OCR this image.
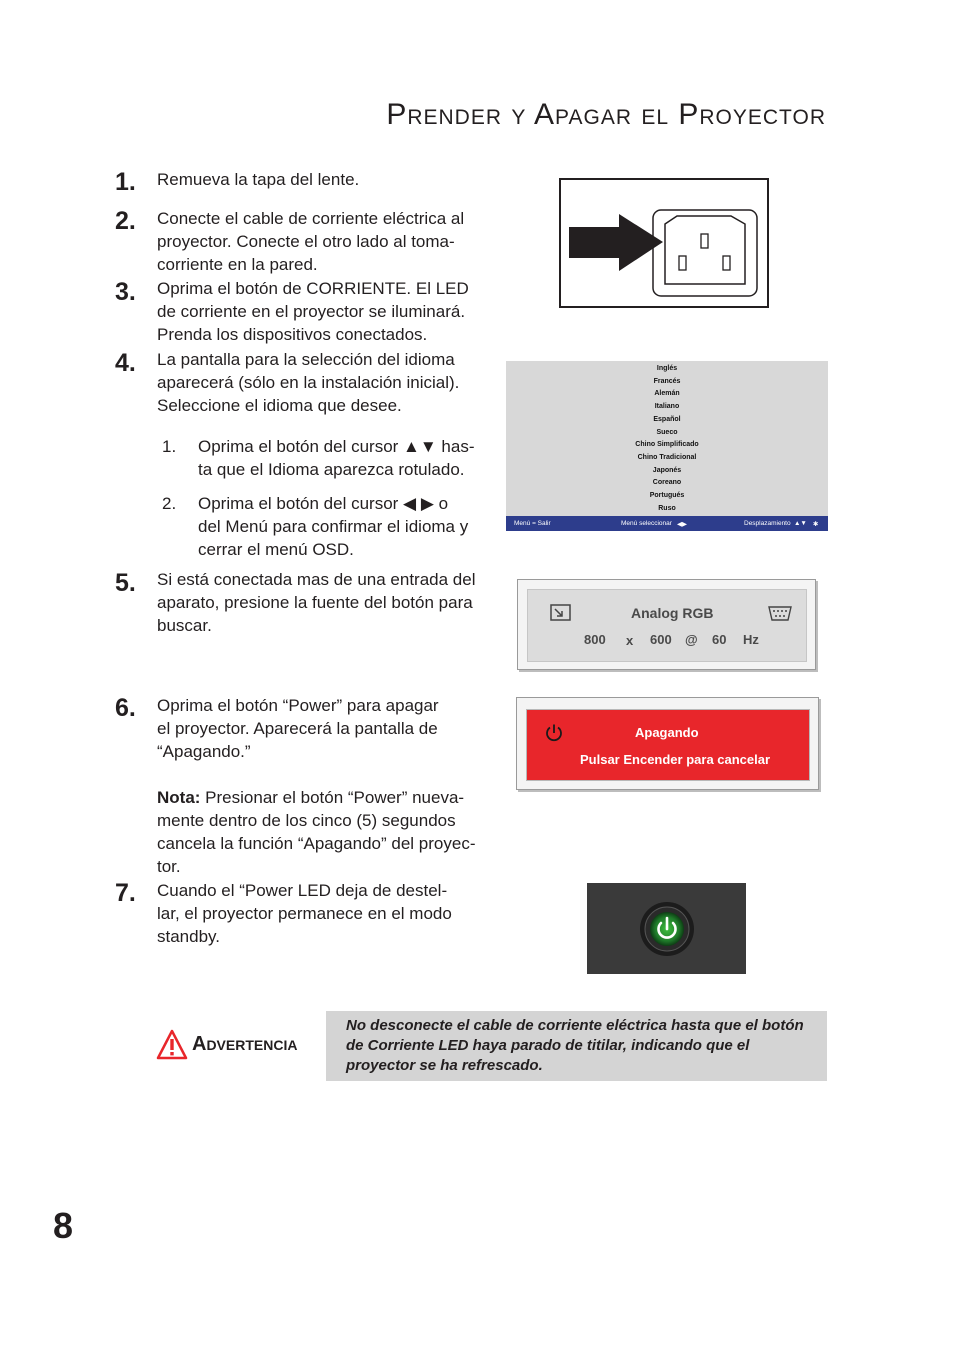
Prender y Apagar el Proyector
1. Remueva la tapa del lente.
2. Conecte el cable de corriente eléctrica al
proyector. Conecte el otro lado al toma-
corriente en la pared.
3. Oprima el botón de CORRIENTE. El LED
de corriente en el proyector se iluminará.
Prenda los dispositivos conectados.
4. La pantalla para la selección del idioma
aparecerá (sólo en la instalación inicial).
Seleccione el idioma que desee.
1. Oprima el botón del cursor ▲▼ has-
ta que el Idioma aparezca rotulado.
2. Oprima el botón del cursor ◀ ▶ o
del Menú para confirmar el idioma y
cerrar el menú OSD.
5. Si está conectada mas de una entrada del
aparato, presione la fuente del botón para
buscar.
6. Oprima el botón “Power” para apagar
el proyector. Aparecerá la pantalla de
“Apagando.”
Nota: Presionar el botón “Power” nueva-
mente dentro de los cinco (5) segundos
cancela la función “Apagando” del proyec-
tor.
7. Cuando el “Power LED deja de destel-
lar, el proyector permanece en el modo
standby.
Inglés
Francés
Alemán
Italiano
Español
Sueco
Chino Simplificado
Chino Tradicional
Japonés
Coreano
Portugués
Ruso
Menú = Salir	Menú seleccionar ◀▶	Desplazamiento ▲▼ ✱
Analog RGB
800 x 600 @ 60 Hz
Apagando
Pulsar Encender para cancelar
Advertencia
No desconecte el cable de corriente eléctrica hasta que el botón de Corriente LED haya parado de titilar, indicando que el proyector se ha refrescado.
8
